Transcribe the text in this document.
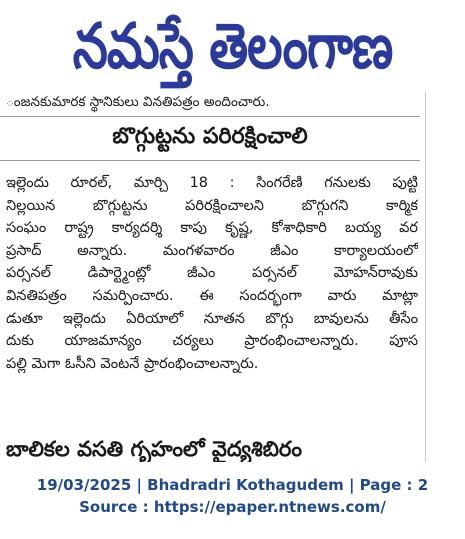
నమస్తే తెలంగాణ
ంజనకుమారక స్థానికులు వినతిపత్రం అందించారు.
బొగ్గుట్టను పరిరక్షించాలి
ఇల్లెందు రూరల్, మార్చి 18 : సింగరేణి గనులకు పుట్టి
నిల్లయిన బొగ్గుట్టను పరిరక్షించాలని బొగ్గుగని కార్మిక
సంఘం రాష్ట్ర కార్యదర్శి కాపు కృష్ణ, కోశాధికారి బయ్య వర
ప్రసాద్ అన్నారు. మంగళవారం జీఎం కార్యాలయంలో
పర్సనల్ డిపార్ట్మెంట్లో జీఎం పర్సనల్ మోహన్‌రావుకు
వినతిపత్రం సమర్పించారు. ఈ సందర్భంగా వారు మాట్లా
డుతూ ఇల్లెందు ఏరియాలో నూతన బొగ్గు బావులను తీసేం
దుకు యాజమాన్యం చర్యలు ప్రారంభించాలన్నారు. పూస
పల్లి మెగా ఓసీని వెంటనే ప్రారంభించాలన్నారు.
బాలికల వసతి గృహంలో వైద్యశిబిరం
19/03/2025 | Bhadradri Kothagudem | Page : 2
Source : https://epaper.ntnews.com/
